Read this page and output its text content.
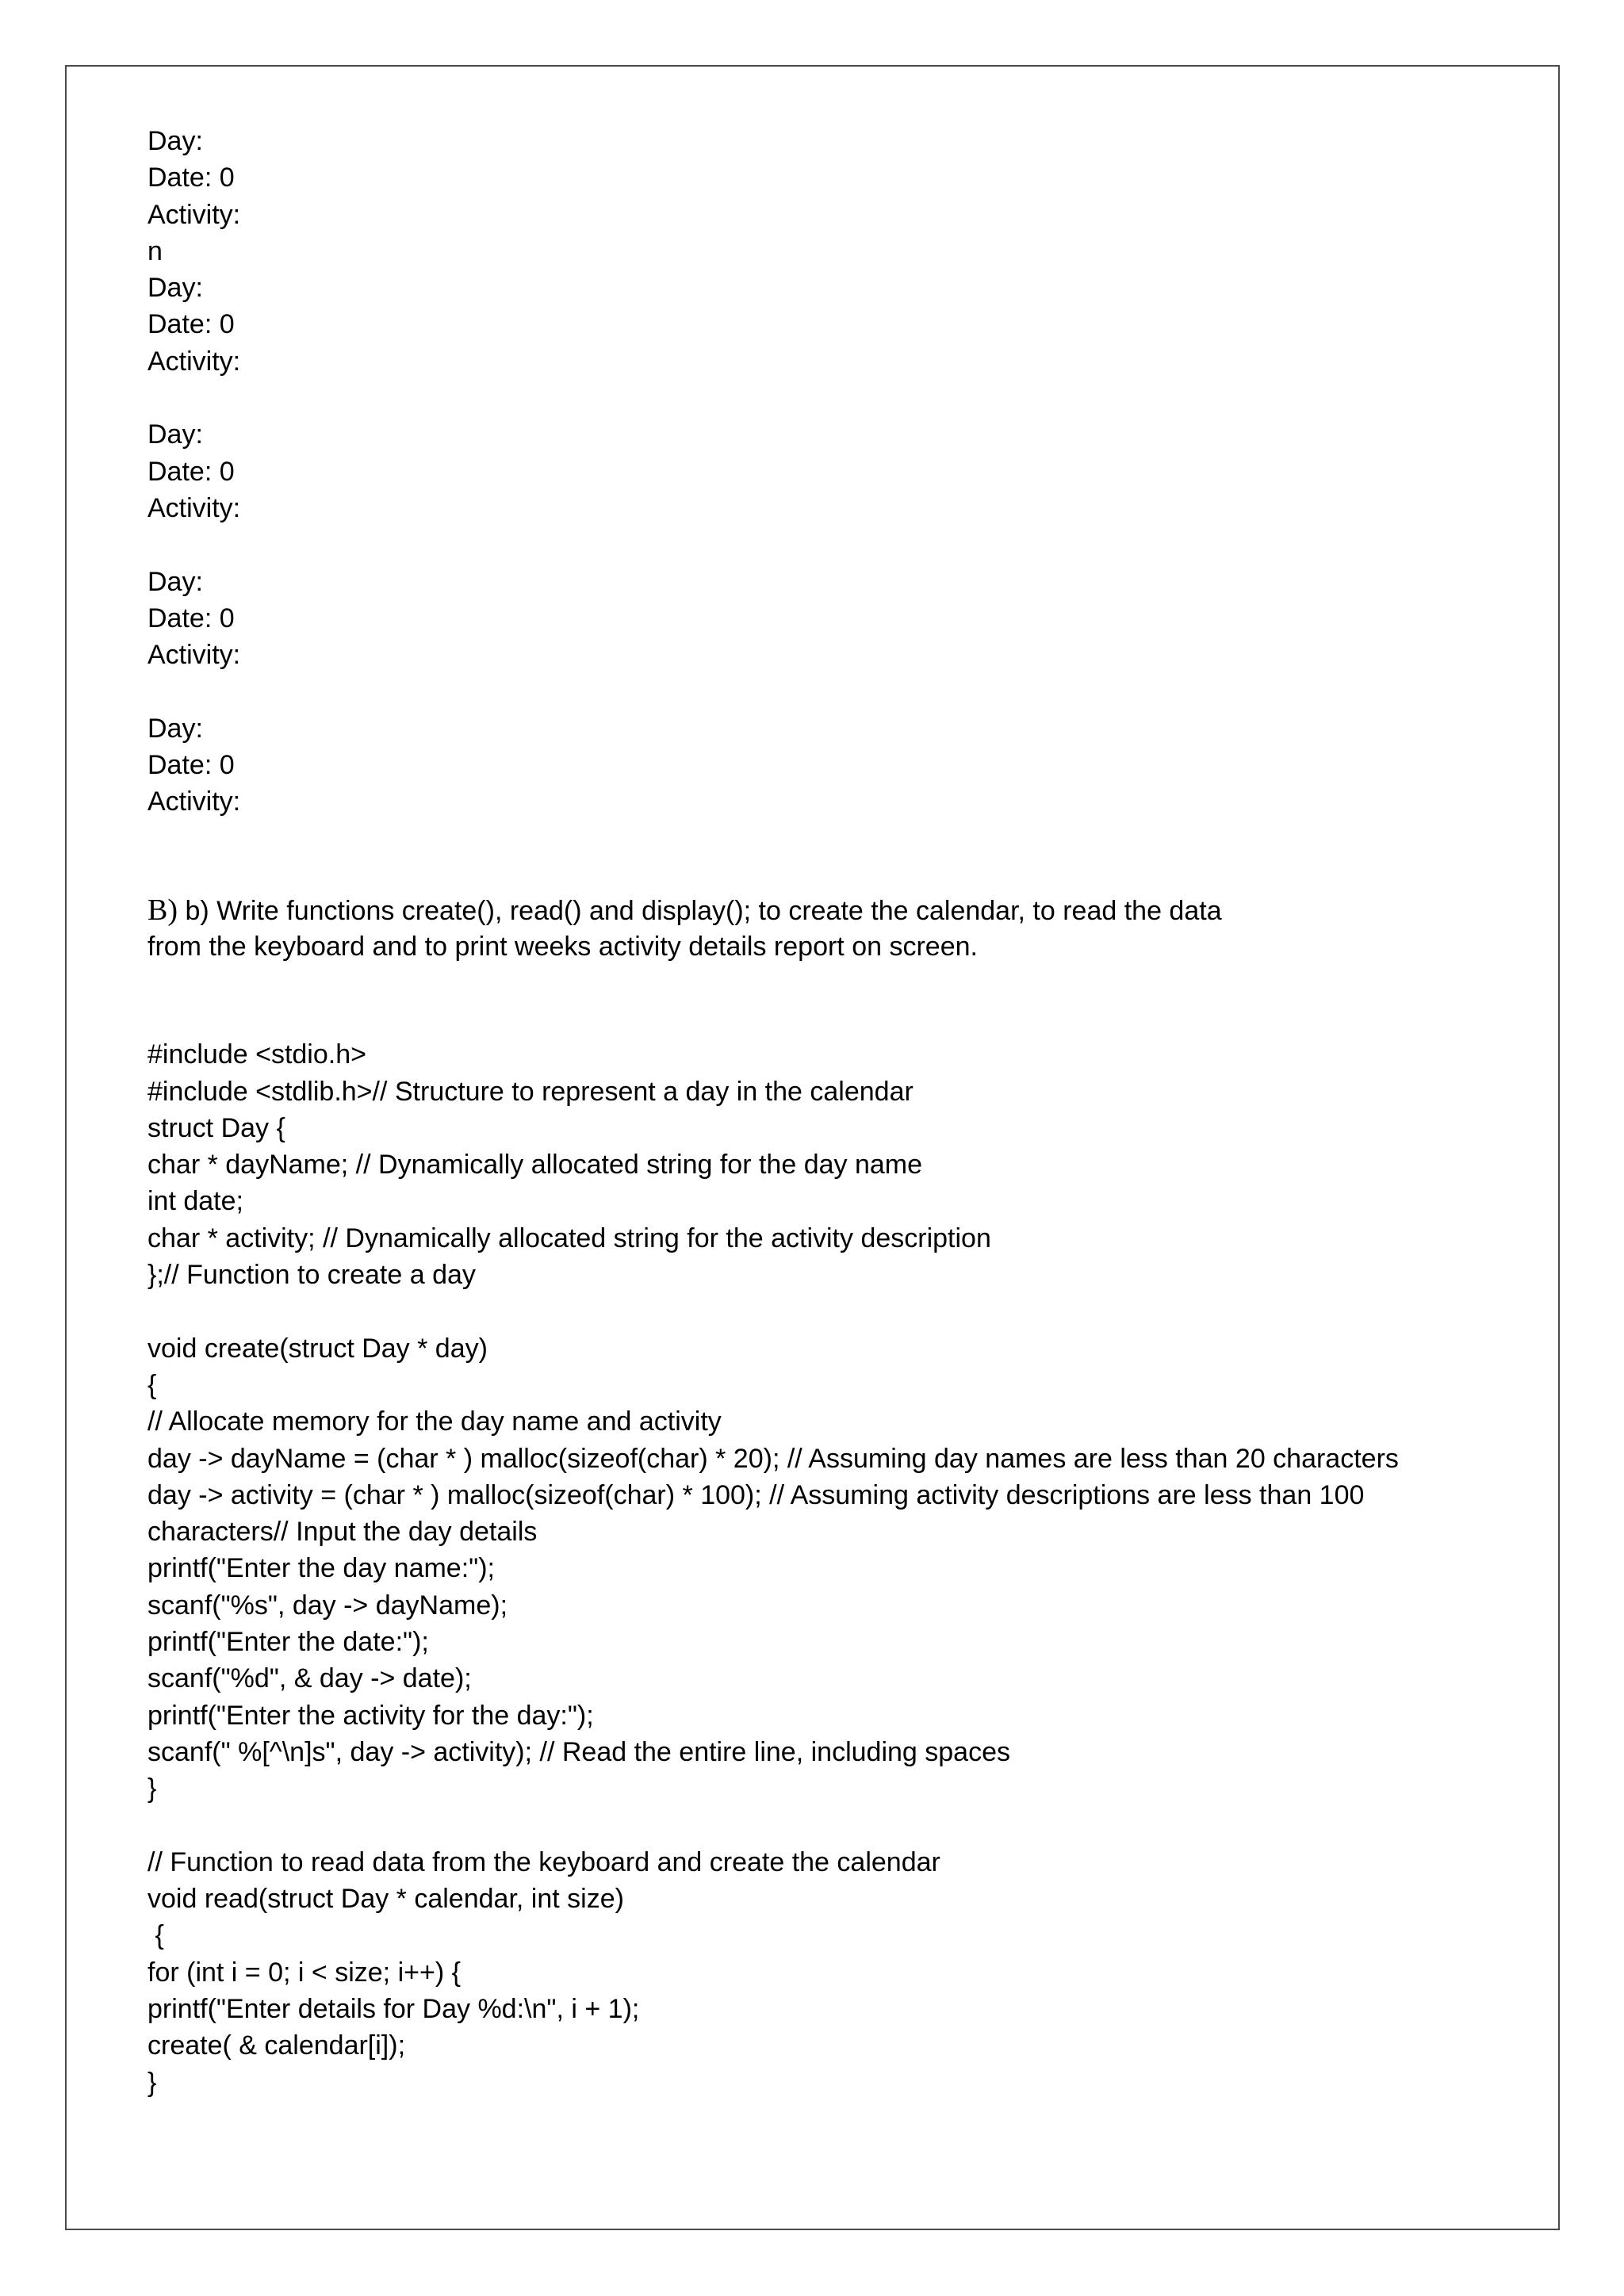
Day:
Date: 0
Activity:
n
Day:
Date: 0
Activity:
Day:
Date: 0
Activity:
Day:
Date: 0
Activity:
Day:
Date: 0
Activity:
B) b) Write functions create(), read() and display(); to create the calendar, to read the data
from the keyboard and to print weeks activity details report on screen.
#include <stdio.h>
#include <stdlib.h>// Structure to represent a day in the calendar
struct Day {
char * dayName; // Dynamically allocated string for the day name
int date;
char * activity; // Dynamically allocated string for the activity description
};// Function to create a day
void create(struct Day * day)
{
// Allocate memory for the day name and activity
day -> dayName = (char * ) malloc(sizeof(char) * 20); // Assuming day names are less than 20 characters
day -> activity = (char * ) malloc(sizeof(char) * 100); // Assuming activity descriptions are less than 100
characters// Input the day details
printf("Enter the day name:");
scanf("%s", day -> dayName);
printf("Enter the date:");
scanf("%d", & day -> date);
printf("Enter the activity for the day:");
scanf(" %[^\n]s", day -> activity); // Read the entire line, including spaces
}
// Function to read data from the keyboard and create the calendar
void read(struct Day * calendar, int size)
{
for (int i = 0; i < size; i++) {
printf("Enter details for Day %d:\n", i + 1);
create( & calendar[i]);
}
